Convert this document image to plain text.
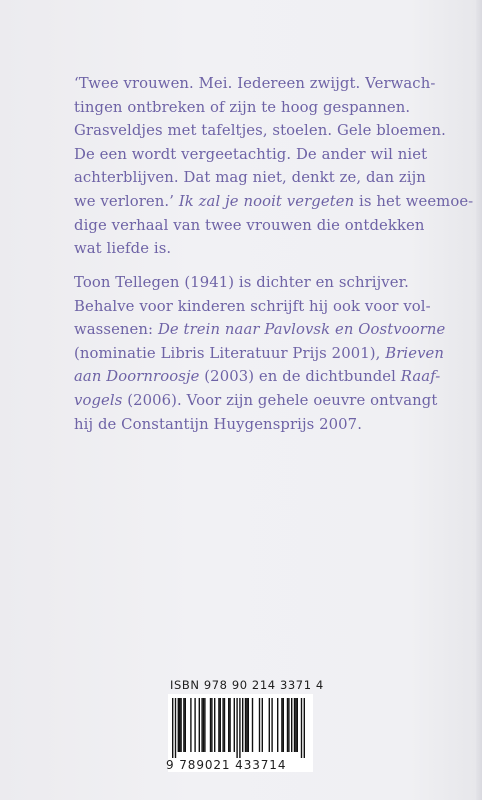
‘Twee vrouwen. Mei. Iedereen zwijgt. Verwach-
tingen ontbreken of zijn te hoog gespannen.
Grasveldjes met tafeltjes, stoelen. Gele bloemen.
De een wordt vergeetachtig. De ander wil niet
achterblijven. Dat mag niet, denkt ze, dan zijn
we verloren.’ Ik zal je nooit vergeten is het weemoe-
dige verhaal van twee vrouwen die ontdekken
wat liefde is.
Toon Tellegen (1941) is dichter en schrijver.
Behalve voor kinderen schrijft hij ook voor vol-
wassenen: De trein naar Pavlovsk en Oostvoorne
(nominatie Libris Literatuur Prijs 2001), Brieven
aan Doornroosje (2003) en de dichtbundel Raaf-
vogels (2006). Voor zijn gehele oeuvre ontvangt
hij de Constantijn Huygensprijs 2007.
ISBN 978 90 214 3371 4
9 789021 433714
